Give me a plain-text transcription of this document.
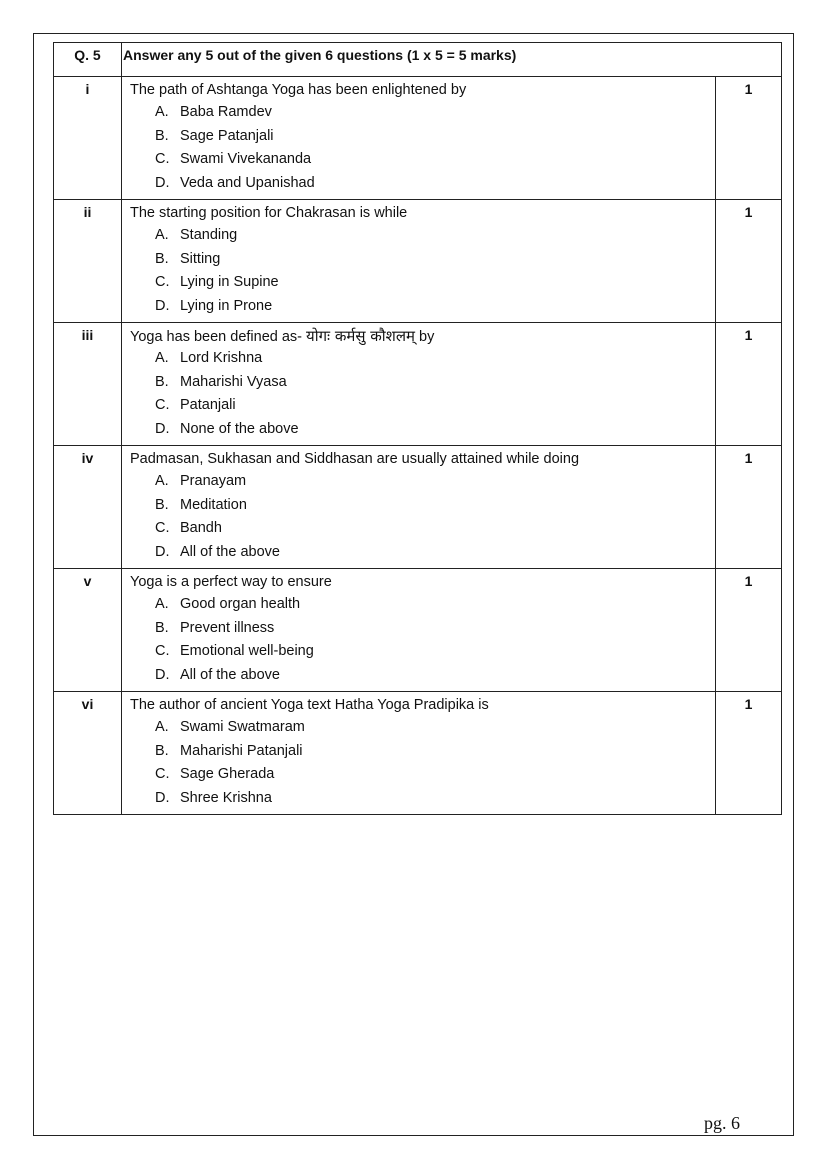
Q. 5	Answer any 5 out of the given 6 questions (1 x 5 = 5 marks)	
i	The path of Ashtanga Yoga has been enlightened by
A. Baba Ramdev
B. Sage Patanjali
C. Swami Vivekananda
D. Veda and Upanishad	1
ii	The starting position for Chakrasan is while
A. Standing
B. Sitting
C. Lying in Supine
D. Lying in Prone	1
iii	Yoga has been defined as- योगः कर्मसु कौशलम् by
A. Lord Krishna
B. Maharishi Vyasa
C. Patanjali
D. None of the above	1
iv	Padmasan, Sukhasan and Siddhasan are usually attained while doing
A. Pranayam
B. Meditation
C. Bandh
D. All of the above	1
v	Yoga is a perfect way to ensure
A. Good organ health
B. Prevent illness
C. Emotional well-being
D. All of the above	1
vi	The author of ancient Yoga text Hatha Yoga Pradipika is
A. Swami Swatmaram
B. Maharishi Patanjali
C. Sage Gherada
D. Shree Krishna	1
pg. 6
